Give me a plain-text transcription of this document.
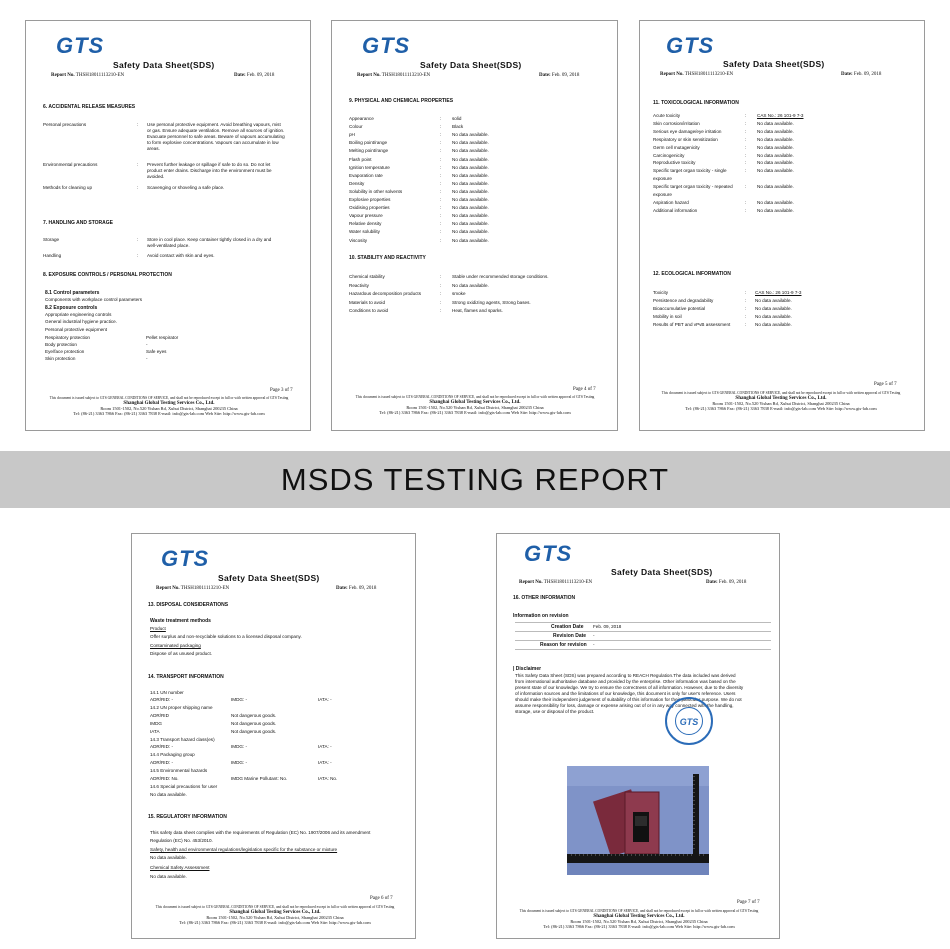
GTS
Safety Data Sheet(SDS)
Report No. THSH18011113210-EN	Date: Feb. 09, 2018
6. ACCIDENTAL RELEASE MEASURES
Personal precautions	: Use personal protective equipment. Avoid breathing vapours, mist
or gas. Ensure adequate ventilation. Remove all sources of ignition.
Evacuate personnel to safe areas. Beware of vapours accumulating
to form explosive concentrations. Vapours can accumulate in low
areas.
Environmental precautions	: Prevent further leakage or spillage if safe to do so. Do not let
product enter drains. Discharge into the environment must be
avoided.
Methods for cleaning up	: Scavenging or shoveling a safe place.
7. HANDLING AND STORAGE
Storage	: Store in cool place. Keep container tightly closed in a dry and
well-ventilated place.
Handling	: Avoid contact with skin and eyes.
8. EXPOSURE CONTROLS / PERSONAL PROTECTION
8.1 Control parameters
Components with workplace control parameters
8.2 Exposure controls
Appropriate engineering controls
General industrial hygiene practice.
Personal protective equipment
Respiratory protection	Pellet respirator
Body protection	-
Eye/face protection	Safe eyes
Skin protection	-
Page 3 of 7
This document is issued subject to GTS GENERAL CONDITIONS OF SERVICE, and shall not be reproduced except in full or with written approval of GTS Testing
Shanghai Global Testing Services Co., Ltd.
Room 1501-1502, No.520 Yishan Rd, Xuhui District, Shanghai 200235 China
Tel: (86-21) 3363 7866 Fax: (86-21) 3363 7838 E-mail: info@gts-lab.com Web Site: http://www.gts-lab.com
GTS
Safety Data Sheet(SDS)
Report No. THSH18011113210-EN	Date: Feb. 09, 2018
9. PHYSICAL AND CHEMICAL PROPERTIES
Appearance	: solid
Colour	: Black
pH	: No data available.
Boiling point/range	: No data available.
Melting point/range	: No data available.
Flash point	: No data available.
Ignition temperature	: No data available.
Evaporation rate	: No data available.
Density	: No data available.
Solubility in other solvents	: No data available.
Explosive properties	: No data available.
Oxidising properties	: No data available.
Vapour pressure	: No data available.
Relative density	: No data available.
Water solubility	: No data available.
Viscosity	: No data available.
10. STABILITY AND REACTIVITY
Chemical stability	: Stable under recommended storage conditions.
Reactivity	: No data available.
Hazardous decomposition products	: smoke
Materials to avoid	: Strong oxidizing agents, Strong bases.
Conditions to avoid	: Heat, flames and sparks.
Page 4 of 7
This document is issued subject to GTS GENERAL CONDITIONS OF SERVICE, and shall not be reproduced except in full or with written approval of GTS Testing
Shanghai Global Testing Services Co., Ltd.
Room 1501-1502, No.520 Yishan Rd, Xuhui District, Shanghai 200235 China
Tel: (86-21) 3363 7866 Fax: (86-21) 3363 7838 E-mail: info@gts-lab.com Web Site: http://www.gts-lab.com
GTS
Safety Data Sheet(SDS)
Report No. THSH18011113210-EN	Date: Feb. 09, 2018
11. TOXICOLOGICAL INFORMATION
Acute toxicity	: CAS No.: 26 101-9 7-3
Skin corrosion/irritation	: No data available.
Serious eye damage/eye irritation	: No data available.
Respiratory or skin sensitization	: No data available.
Germ cell mutagenicity	: No data available.
Carcinogenicity	: No data available.
Reproductive toxicity	: No data available.
Specific target organ toxicity - single	: No data available.
exposure
Specific target organ toxicity - repeated	: No data available.
exposure
Aspiration hazard	: No data available.
Additional information	: No data available.
12. ECOLOGICAL INFORMATION
Toxicity	: CAS No.: 26 101-9 7-3
Persistence and degradability	: No data available.
Bioaccumulative potential	: No data available.
Mobility in soil	: No data available.
Results of PBT and vPvB assessment	: No data available.
Page 5 of 7
This document is issued subject to GTS GENERAL CONDITIONS OF SERVICE, and shall not be reproduced except in full or with written approval of GTS Testing
Shanghai Global Testing Services Co., Ltd.
Room 1501-1502, No.520 Yishan Rd, Xuhui District, Shanghai 200235 China
Tel: (86-21) 3363 7866 Fax: (86-21) 3363 7838 E-mail: info@gts-lab.com Web Site: http://www.gts-lab.com
MSDS TESTING REPORT
GTS
Safety Data Sheet(SDS)
Report No. THSH18011113210-EN	Date: Feb. 09, 2018
13. DISPOSAL CONSIDERATIONS
Waste treatment methods
Product
Offer surplus and non-recyclable solutions to a licensed disposal company.
Contaminated packaging
Dispose of as unused product.
14. TRANSPORT INFORMATION
14.1 UN number
ADR/RID: -	IMDG: -	IATA: -
14.2 UN proper shipping name
ADR/RID	Not dangerous goods.
IMDG	Not dangerous goods.
IATA	Not dangerous goods.
14.3 Transport hazard class(es)
ADR/RID: -	IMDG: -	IATA: -
14.4 Packaging group
ADR/RID: -	IMDG: -	IATA: -
14.5 Environmental hazards
ADR/RID: No.	IMDG Marine Pollutant: No.	IATA: No.
14.6 Special precautions for user
No data available.
15. REGULATORY INFORMATION
This safety data sheet complies with the requirements of Regulation (EC) No. 1907/2006 and its amendment
Regulation (EC) No. 453/2010.
Safety, health and environmental regulations/legislation specific for the substance or mixture
No data available.
Chemical Safety Assessment
No data available.
Page 6 of 7
This document is issued subject to GTS GENERAL CONDITIONS OF SERVICE, and shall not be reproduced except in full or with written approval of GTS Testing
Shanghai Global Testing Services Co., Ltd.
Room 1501-1502, No.520 Yishan Rd, Xuhui District, Shanghai 200235 China
Tel: (86-21) 3363 7866 Fax: (86-21) 3363 7838 E-mail: info@gts-lab.com Web Site: http://www.gts-lab.com
GTS
Safety Data Sheet(SDS)
Report No. THSH18011113210-EN	Date: Feb. 09, 2018
16. OTHER INFORMATION
Information on revision
Creation Date Feb. 09, 2018
Revision Date -
Reason for revision -
| Disclaimer
This Safety Data Sheet (SDS) was prepared according to REACH Regulation.The data included was derived
from international authoritative database and provided by the enterprise. Other information was based on the
present state of our knowledge. We try to ensure the correctness of all information. However, due to the diversity
of information sources and the limitations of our knowledge, this document is only for user's reference. Users
should make their independent judgement of suitability of this information for their particular purpose. We do not
assume responsibility for loss, damage or expense arising out of or in any way connected with the handling,
storage, use or disposal of the product.
GTS
Page 7 of 7
This document is issued subject to GTS GENERAL CONDITIONS OF SERVICE, and shall not be reproduced except in full or with written approval of GTS Testing
Shanghai Global Testing Services Co., Ltd.
Room 1501-1502, No.520 Yishan Rd, Xuhui District, Shanghai 200235 China
Tel: (86-21) 3363 7866 Fax: (86-21) 3363 7838 E-mail: info@gts-lab.com Web Site: http://www.gts-lab.com
